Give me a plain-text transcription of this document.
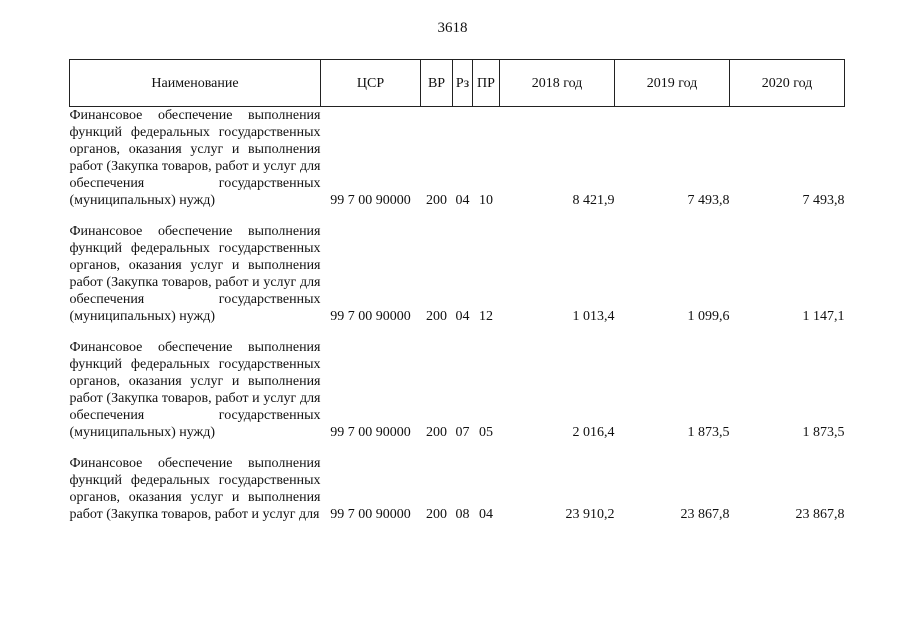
3618
Наименование	ЦСР	ВР	Рз	ПР	2018 год	2019 год	2020 год
Финансовое обеспечение выполнения функций федеральных государственных органов, оказания услуг и выполнения работ (Закупка товаров, работ и услуг для обеспечения государственных (муниципальных) нужд)	99 7 00 90000	200	04	10	8 421,9	7 493,8	7 493,8

Финансовое обеспечение выполнения функций федеральных государственных органов, оказания услуг и выполнения работ (Закупка товаров, работ и услуг для обеспечения государственных (муниципальных) нужд)	99 7 00 90000	200	04	12	1 013,4	1 099,6	1 147,1

Финансовое обеспечение выполнения функций федеральных государственных органов, оказания услуг и выполнения работ (Закупка товаров, работ и услуг для обеспечения государственных (муниципальных) нужд)	99 7 00 90000	200	07	05	2 016,4	1 873,5	1 873,5

Финансовое обеспечение выполнения функций федеральных государственных органов, оказания услуг и выполнения работ (Закупка товаров, работ и услуг для	99 7 00 90000	200	08	04	23 910,2	23 867,8	23 867,8
